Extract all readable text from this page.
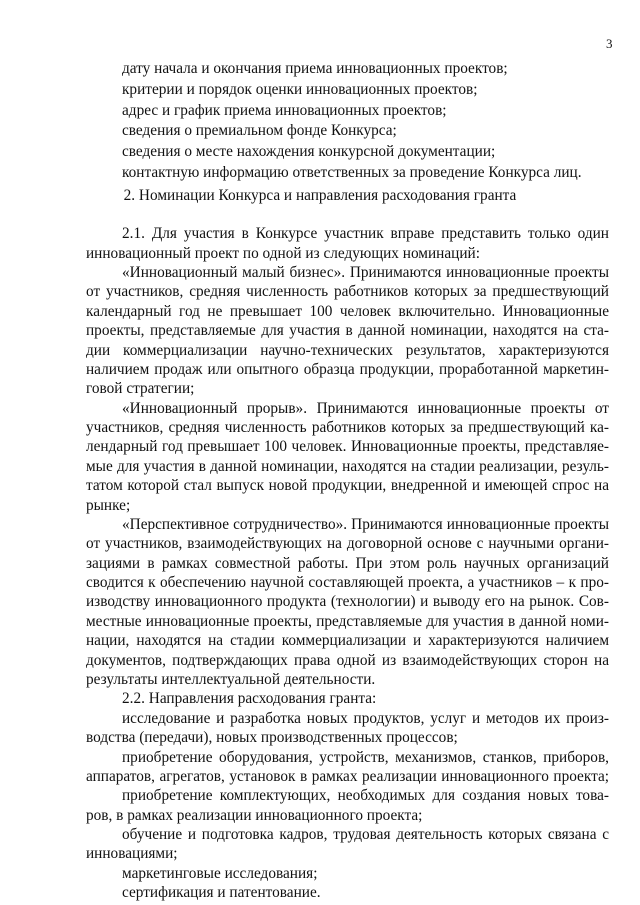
3
дату начала и окончания приема инновационных проектов;
критерии и порядок оценки инновационных проектов;
адрес и график приема инновационных проектов;
сведения о премиальном фонде Конкурса;
сведения о месте нахождения конкурсной документации;
контактную информацию ответственных за проведение Конкурса лиц.
2. Номинации Конкурса и направления расходования гранта
2.1. Для участия в Конкурсе участник вправе представить только один
инновационный проект по одной из следующих номинаций:
«Инновационный малый бизнес». Принимаются инновационные проекты
от участников, средняя численность работников которых за предшествующий
календарный год не превышает 100 человек включительно. Инновационные
проекты, представляемые для участия в данной номинации, находятся на ста-
дии коммерциализации научно-технических результатов, характеризуются
наличием продаж или опытного образца продукции, проработанной маркетин-
говой стратегии;
«Инновационный прорыв». Принимаются инновационные проекты от
участников, средняя численность работников которых за предшествующий ка-
лендарный год превышает 100 человек. Инновационные проекты, представляе-
мые для участия в данной номинации, находятся на стадии реализации, резуль-
татом которой стал выпуск новой продукции, внедренной и имеющей спрос на
рынке;
«Перспективное сотрудничество». Принимаются инновационные проекты
от участников, взаимодействующих на договорной основе с научными органи-
зациями в рамках совместной работы. При этом роль научных организаций
сводится к обеспечению научной составляющей проекта, а участников – к про-
изводству инновационного продукта (технологии) и выводу его на рынок. Сов-
местные инновационные проекты, представляемые для участия в данной номи-
нации, находятся на стадии коммерциализации и характеризуются наличием
документов, подтверждающих права одной из взаимодействующих сторон на
результаты интеллектуальной деятельности.
2.2. Направления расходования гранта:
исследование и разработка новых продуктов, услуг и методов их произ-
водства (передачи), новых производственных процессов;
приобретение оборудования, устройств, механизмов, станков, приборов,
аппаратов, агрегатов, установок в рамках реализации инновационного проекта;
приобретение комплектующих, необходимых для создания новых това-
ров, в рамках реализации инновационного проекта;
обучение и подготовка кадров, трудовая деятельность которых связана с
инновациями;
маркетинговые исследования;
сертификация и патентование.
